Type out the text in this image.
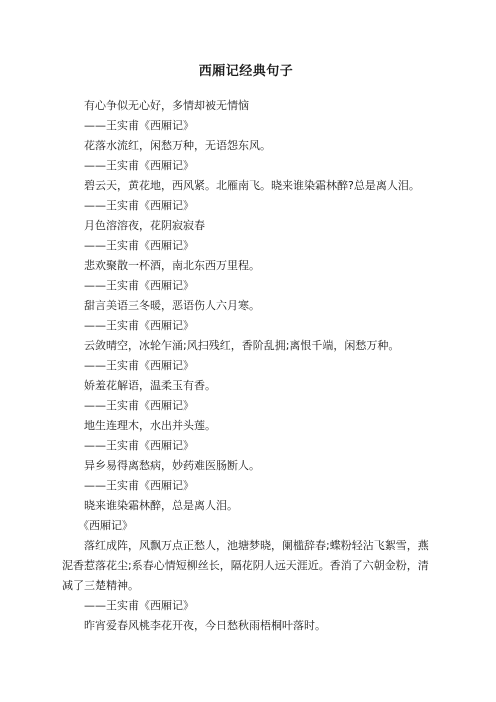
西厢记经典句子

有心争似无心好，多情却被无情恼

——王实甫《西厢记》

花落水流红，闲愁万种，无语怨东风。

——王实甫《西厢记》

碧云天，黄花地，西风紧。北雁南飞。晓来谁染霜林醉?总是离人泪。

——王实甫《西厢记》

月色溶溶夜，花阴寂寂春

——王实甫《西厢记》

悲欢聚散一杯酒，南北东西万里程。

——王实甫《西厢记》

甜言美语三冬暖，恶语伤人六月寒。

——王实甫《西厢记》

云敛晴空，冰轮乍涌;风扫残红，香阶乱拥;离恨千端，闲愁万种。

——王实甫《西厢记》

娇羞花解语，温柔玉有香。

——王实甫《西厢记》

地生连理木，水出并头莲。

——王实甫《西厢记》

异乡易得离愁病，妙药难医肠断人。

——王实甫《西厢记》

晓来谁染霜林醉，总是离人泪。

《西厢记》

落红成阵，风飘万点正愁人，池塘梦晓，阑槛辞春;蝶粉轻沾飞絮雪，燕泥香惹落花尘;系春心情短柳丝长，隔花阴人远天涯近。香消了六朝金粉，清减了三楚精神。

——王实甫《西厢记》

昨宵爱春风桃李花开夜，今日愁秋雨梧桐叶落时。
